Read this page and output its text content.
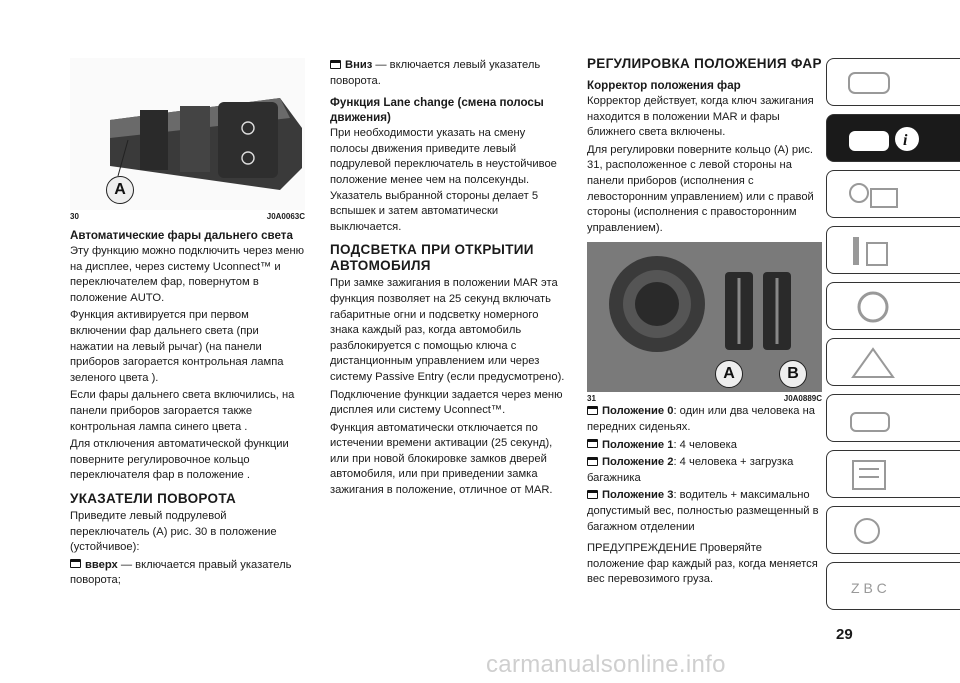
A
30	J0A0063C
Автоматические фары дальнего света

Эту функцию можно подключить через меню на дисплее, через систему Uconnect™ и переключателем фар, повернутом в положение AUTO.

Функция активируется при первом включении фар дальнего света (при нажатии на левый рычаг) (на панели приборов загорается контрольная лампа зеленого цвета ).

Если фары дальнего света включились, на панели приборов загорается также контрольная лампа синего цвета .

Для отключения автоматической функции поверните регулировочное кольцо переключателя фар в положение .

УКАЗАТЕЛИ ПОВОРОТА

Приведите левый подрулевой переключатель (A) рис. 30 в положение (устойчивое):

вверх — включается правый указатель поворота;

Вниз — включается левый указатель поворота.

Функция Lane change (смена полосы движения)

При необходимости указать на смену полосы движения приведите левый подрулевой переключатель в неустойчивое положение менее чем на полсекунды. Указатель выбранной стороны делает 5 вспышек и затем автоматически выключается.

ПОДСВЕТКА ПРИ ОТКРЫТИИ АВТОМОБИЛЯ

При замке зажигания в положении MAR эта функция позволяет на 25 секунд включать габаритные огни и подсветку номерного знака каждый раз, когда автомобиль разблокируется с помощью ключа с дистанционным управлением или через систему Passive Entry (если предусмотрено).

Подключение функции задается через меню дисплея или систему Uconnect™.

Функция автоматически отключается по истечении времени активации (25 секунд), или при новой блокировке замков дверей автомобиля, или при приведении замка зажигания в положение, отличное от MAR.

РЕГУЛИРОВКА ПОЛОЖЕНИЯ ФАР
Корректор положения фар

Корректор действует, когда ключ зажигания находится в положении MAR и фары ближнего света включены.

Для регулировки поверните кольцо (A) рис. 31, расположенное с левой стороны на панели приборов (исполнения с левосторонним управлением) или с правой стороны (исполнения с правосторонним управлением).

A	B
31	J0A0889C

Положение 0: один или два человека на передних сиденьях.

Положение 1: 4 человека

Положение 2: 4 человека + загрузка багажника

Положение 3: водитель + максимально допустимый вес, полностью размещенный в багажном отделении

ПРЕДУПРЕЖДЕНИЕ Проверяйте положение фар каждый раз, когда меняется вес перевозимого груза.

i
Z B C
29
carmanualsonline.info
